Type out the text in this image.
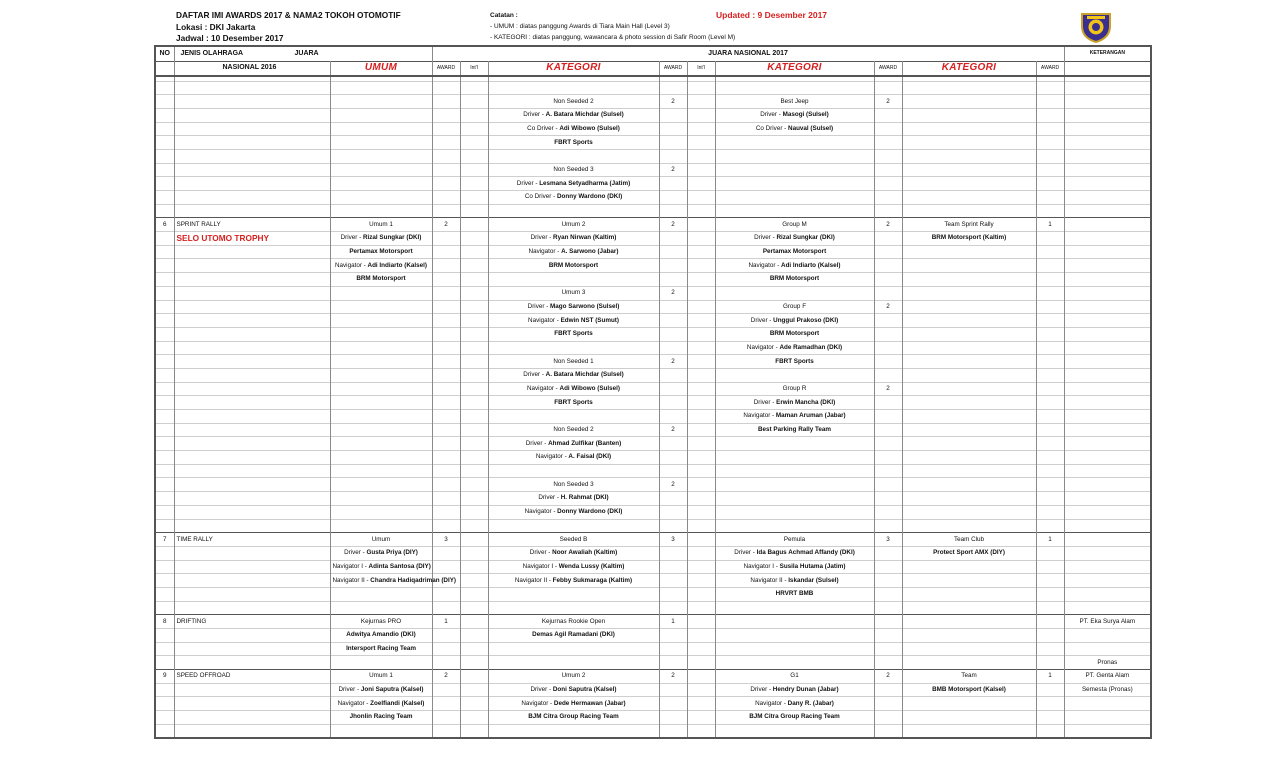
DAFTAR IMI AWARDS 2017 & NAMA2 TOKOH OTOMOTIF
Lokasi : DKI Jakarta
Jadwal : 10 Desember 2017
Catatan :
- UMUM : diatas panggung Awards di Tiara Main Hall (Level 3)
- KATEGORI : diatas panggung, wawancara & photo session di Safir Room (Level M)
Updated : 9 Desember 2017
NO	JENIS OLAHRAGA JUARA		JUARA NASIONAL 2017									KETERANGAN
	NASIONAL 2016	UMUM	AWARD	Int'l	KATEGORI	AWARD	Int'l	KATEGORI	AWARD	KATEGORI	AWARD	

					Non Seeded 2	2		Best Jeep	2			
					Driver - A. Batara Michdar (Sulsel)			Driver - Masogi (Sulsel)				
					Co Driver - Adi Wibowo (Sulsel)			Co Driver - Nauval (Sulsel)				
					FBRT Sports							

					Non Seeded 3	2						
					Driver - Lesmana Setyadharma (Jatim)							
					Co Driver - Donny Wardono (DKI)							

6	SPRINT RALLY	Umum 1	2		Umum 2	2		Group M	2	Team Sprint Rally	1	
	SELO UTOMO TROPHY	Driver - Rizal Sungkar (DKI)			Driver - Ryan Nirwan (Kaltim)			Driver - Rizal Sungkar (DKI)		BRM Motorsport (Kaltim)		
		Pertamax Motorsport			Navigator - A. Sarwono (Jabar)			Pertamax Motorsport				
		Navigator - Adi Indiarto (Kalsel)			BRM Motorsport			Navigator - Adi Indiarto (Kalsel)				
		BRM Motorsport						BRM Motorsport				
					Umum 3	2						
					Driver - Mago Sarwono (Sulsel)			Group F	2			
					Navigator - Edwin NST (Sumut)			Driver - Unggul Prakoso (DKI)				
					FBRT Sports			BRM Motorsport				
								Navigator - Ade Ramadhan (DKI)				
					Non Seeded 1	2		FBRT Sports				
					Driver - A. Batara Michdar (Sulsel)							
					Navigator - Adi Wibowo (Sulsel)			Group R	2			
					FBRT Sports			Driver - Erwin Mancha (DKI)				
								Navigator - Maman Aruman (Jabar)				
					Non Seeded 2	2		Best Parking Rally Team				
					Driver - Ahmad Zulfikar (Banten)							
					Navigator - A. Faisal (DKI)							

					Non Seeded 3	2						
					Driver - H. Rahmat (DKI)							
					Navigator - Donny Wardono (DKI)							

7	TIME RALLY	Umum	3		Seeded B	3		Pemula	3	Team Club	1	
		Driver - Gusta Priya (DIY)			Driver - Noor Awaliah (Kaltim)			Driver - Ida Bagus Achmad Affandy (DKI)		Protect Sport AMX (DIY)		
		Navigator I - Adinta Santosa (DIY)			Navigator I - Wenda Lussy (Kaltim)			Navigator I - Susila Hutama (Jatim)				
		Navigator II - Chandra Hadiqadriman (DIY)			Navigator II - Febby Sukmaraga (Kaltim)			Navigator II - Iskandar (Sulsel)				
								HRVRT BMB				

8	DRIFTING	Kejurnas PRO	1		Kejurnas Rookie Open	1						PT. Eka Surya Alam
		Adwitya Amandio (DKI)			Demas Agil Ramadani (DKI)							
		Intersport Racing Team										
												Pronas
9	SPEED OFFROAD	Umum 1	2		Umum 2	2		G1	2	Team	1	PT. Genta Alam
		Driver - Joni Saputra (Kalsel)			Driver - Doni Saputra (Kalsel)			Driver - Hendry Dunan (Jabar)		BMB Motorsport (Kalsel)		Semesta (Pronas)
		Navigator - Zoelfiandi (Kalsel)			Navigator - Dede Hermawan (Jabar)			Navigator - Dany R. (Jabar)				
		Jhonlin Racing Team			BJM Citra Group Racing Team			BJM Citra Group Racing Team				
